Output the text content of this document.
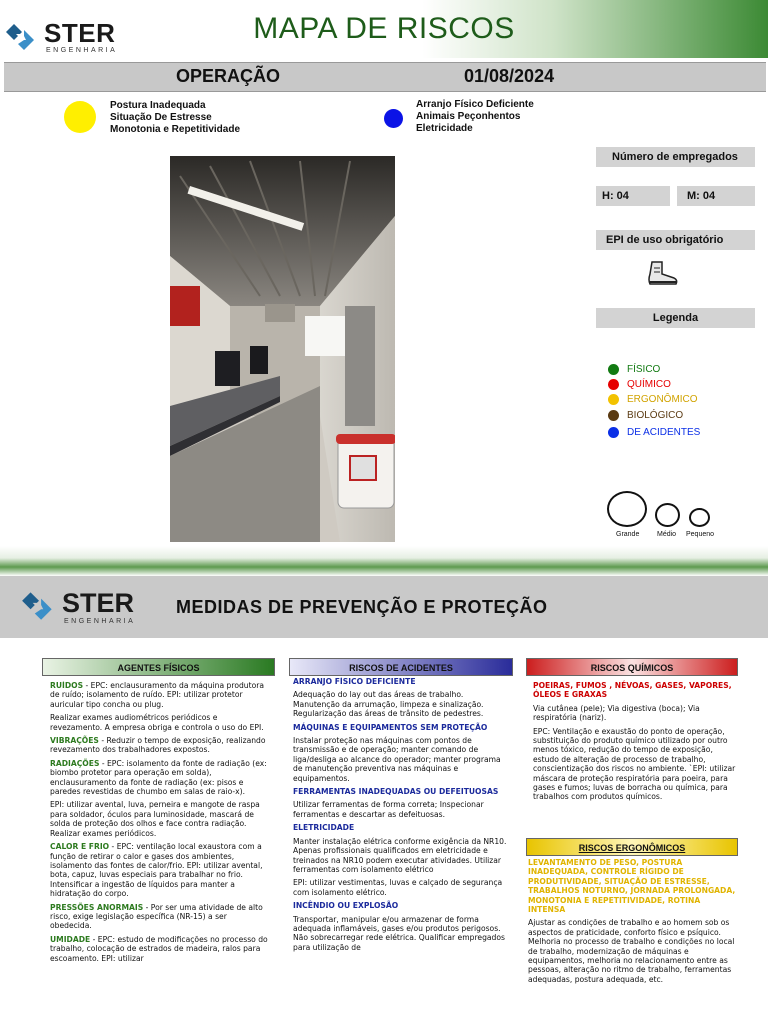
STER
ENGENHARIA
MAPA DE RISCOS
OPERAÇÃO	01/08/2024
Postura Inadequada
Situação De Estresse
Monotonia e Repetitividade
Arranjo Físico Deficiente
Animais Peçonhentos
Eletricidade
Número de empregados
H: 04	M: 04
EPI de uso obrigatório
Legenda
FÍSICO
QUÍMICO
ERGONÔMICO
BIOLÓGICO
DE ACIDENTES
Grande	Médio Pequeno
STER
ENGENHARIA
MEDIDAS DE PREVENÇÃO E PROTEÇÃO
AGENTES FÍSICOS

RUÍDOS - EPC: enclausuramento da máquina produtora de ruído; isolamento de ruído. EPI: utilizar protetor auricular tipo concha ou plug.

Realizar exames audiométricos periódicos e revezamento. A empresa obriga e controla o uso do EPI.

VIBRAÇÕES - Reduzir o tempo de exposição, realizando revezamento dos trabalhadores expostos.

RADIAÇÕES - EPC: isolamento da fonte de radiação (ex: biombo protetor para operação em solda), enclausuramento da fonte de radiação (ex: pisos e paredes revestidas de chumbo em salas de raio-x).

EPI: utilizar avental, luva, perneira e mangote de raspa para soldador, óculos para luminosidade, mascará de solda de proteção dos olhos e face contra radiação. Realizar exames periódicos.

CALOR E FRIO - EPC: ventilação local exaustora com a função de retirar o calor e gases dos ambientes, isolamento das fontes de calor/frio. EPI: utilizar avental, bota, capuz, luvas especiais para trabalhar no frio. Intensificar a ingestão de líquidos para manter a hidratação do corpo.

PRESSÕES ANORMAIS - Por ser uma atividade de alto risco, exige legislação específica (NR-15) a ser obedecida.

UMIDADE - EPC: estudo de modificações no processo do trabalho, colocação de estrados de madeira, ralos para escoamento. EPI: utilizar

RISCOS DE ACIDENTES

ARRANJO FÍSICO DEFICIENTE

Adequação do lay out das áreas de trabalho. Manutenção da arrumação, limpeza e sinalização. Regularização das áreas de trânsito de pedestres.

MÁQUINAS E EQUIPAMENTOS SEM PROTEÇÃO

Instalar proteção nas máquinas com pontos de transmissão e de operação; manter comando de liga/desliga ao alcance do operador; manter programa de manutenção preventiva nas máquinas e equipamentos.

FERRAMENTAS INADEQUADAS OU DEFEITUOSAS

Utilizar ferramentas de forma correta; Inspecionar ferramentas e descartar as defeituosas.

ELETRICIDADE

Manter instalação elétrica conforme exigência da NR10. Apenas profissionais qualificados em eletricidade e treinados na NR10 podem executar atividades. Utilizar ferramentas com isolamento elétrico

EPI: utilizar vestimentas, luvas e calçado de segurança com isolamento elétrico.

INCÊNDIO OU EXPLOSÃO

Transportar, manipular e/ou armazenar de forma adequada inflamáveis, gases e/ou produtos perigosos. Não sobrecarregar rede elétrica. Qualificar empregados para utilização de

RISCOS QUÍMICOS

POEIRAS, FUMOS , NÉVOAS, GASES, VAPORES, ÓLEOS E GRAXAS

Via cutânea (pele); Via digestiva (boca); Via respiratória (nariz).

EPC: Ventilação e exaustão do ponto de operação, substituição do produto químico utilizado por outro menos tóxico, redução do tempo de exposição, estudo de alteração de processo de trabalho, conscientização dos riscos no ambiente. `EPI: utilizar máscara de proteção respiratória para poeira, para gases e fumos; luvas de borracha ou química, para trabalhos com produtos químicos.

RISCOS ERGONÔMICOS

LEVANTAMENTO DE PESO, POSTURA INADEQUADA, CONTROLE RÍGIDO DE PRODUTIVIDADE, SITUAÇÃO DE ESTRESSE, TRABALHOS NOTURNO, JORNADA PROLONGADA, MONOTONIA E REPETITIVIDADE, ROTINA INTENSA

Ajustar as condições de trabalho e ao homem sob os aspectos de praticidade, conforto físico e psíquico. Melhoria no processo de trabalho e condições no local de trabalho, modernização de máquinas e equipamentos, melhoria no relacionamento entre as pessoas, alteração no ritmo de trabalho, ferramentas adequadas, postura adequada, etc.
